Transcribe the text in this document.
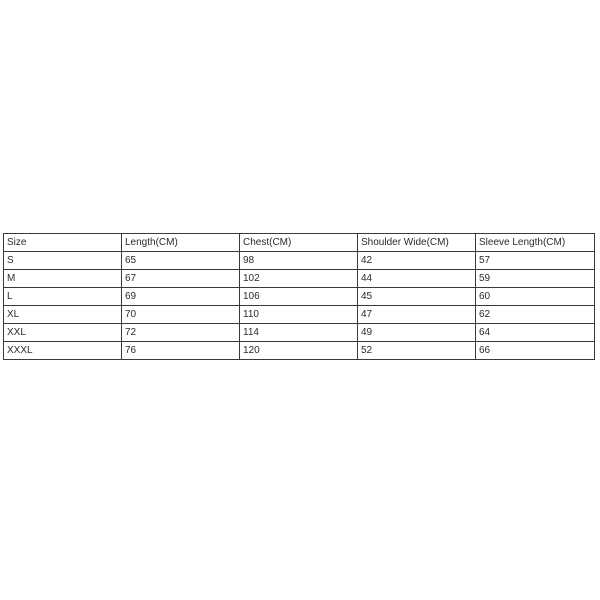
Size	Length(CM)	Chest(CM)	Shoulder Wide(CM)	Sleeve Length(CM)
S	65	98	42	57
M	67	102	44	59
L	69	106	45	60
XL	70	110	47	62
XXL	72	114	49	64
XXXL	76	120	52	66
